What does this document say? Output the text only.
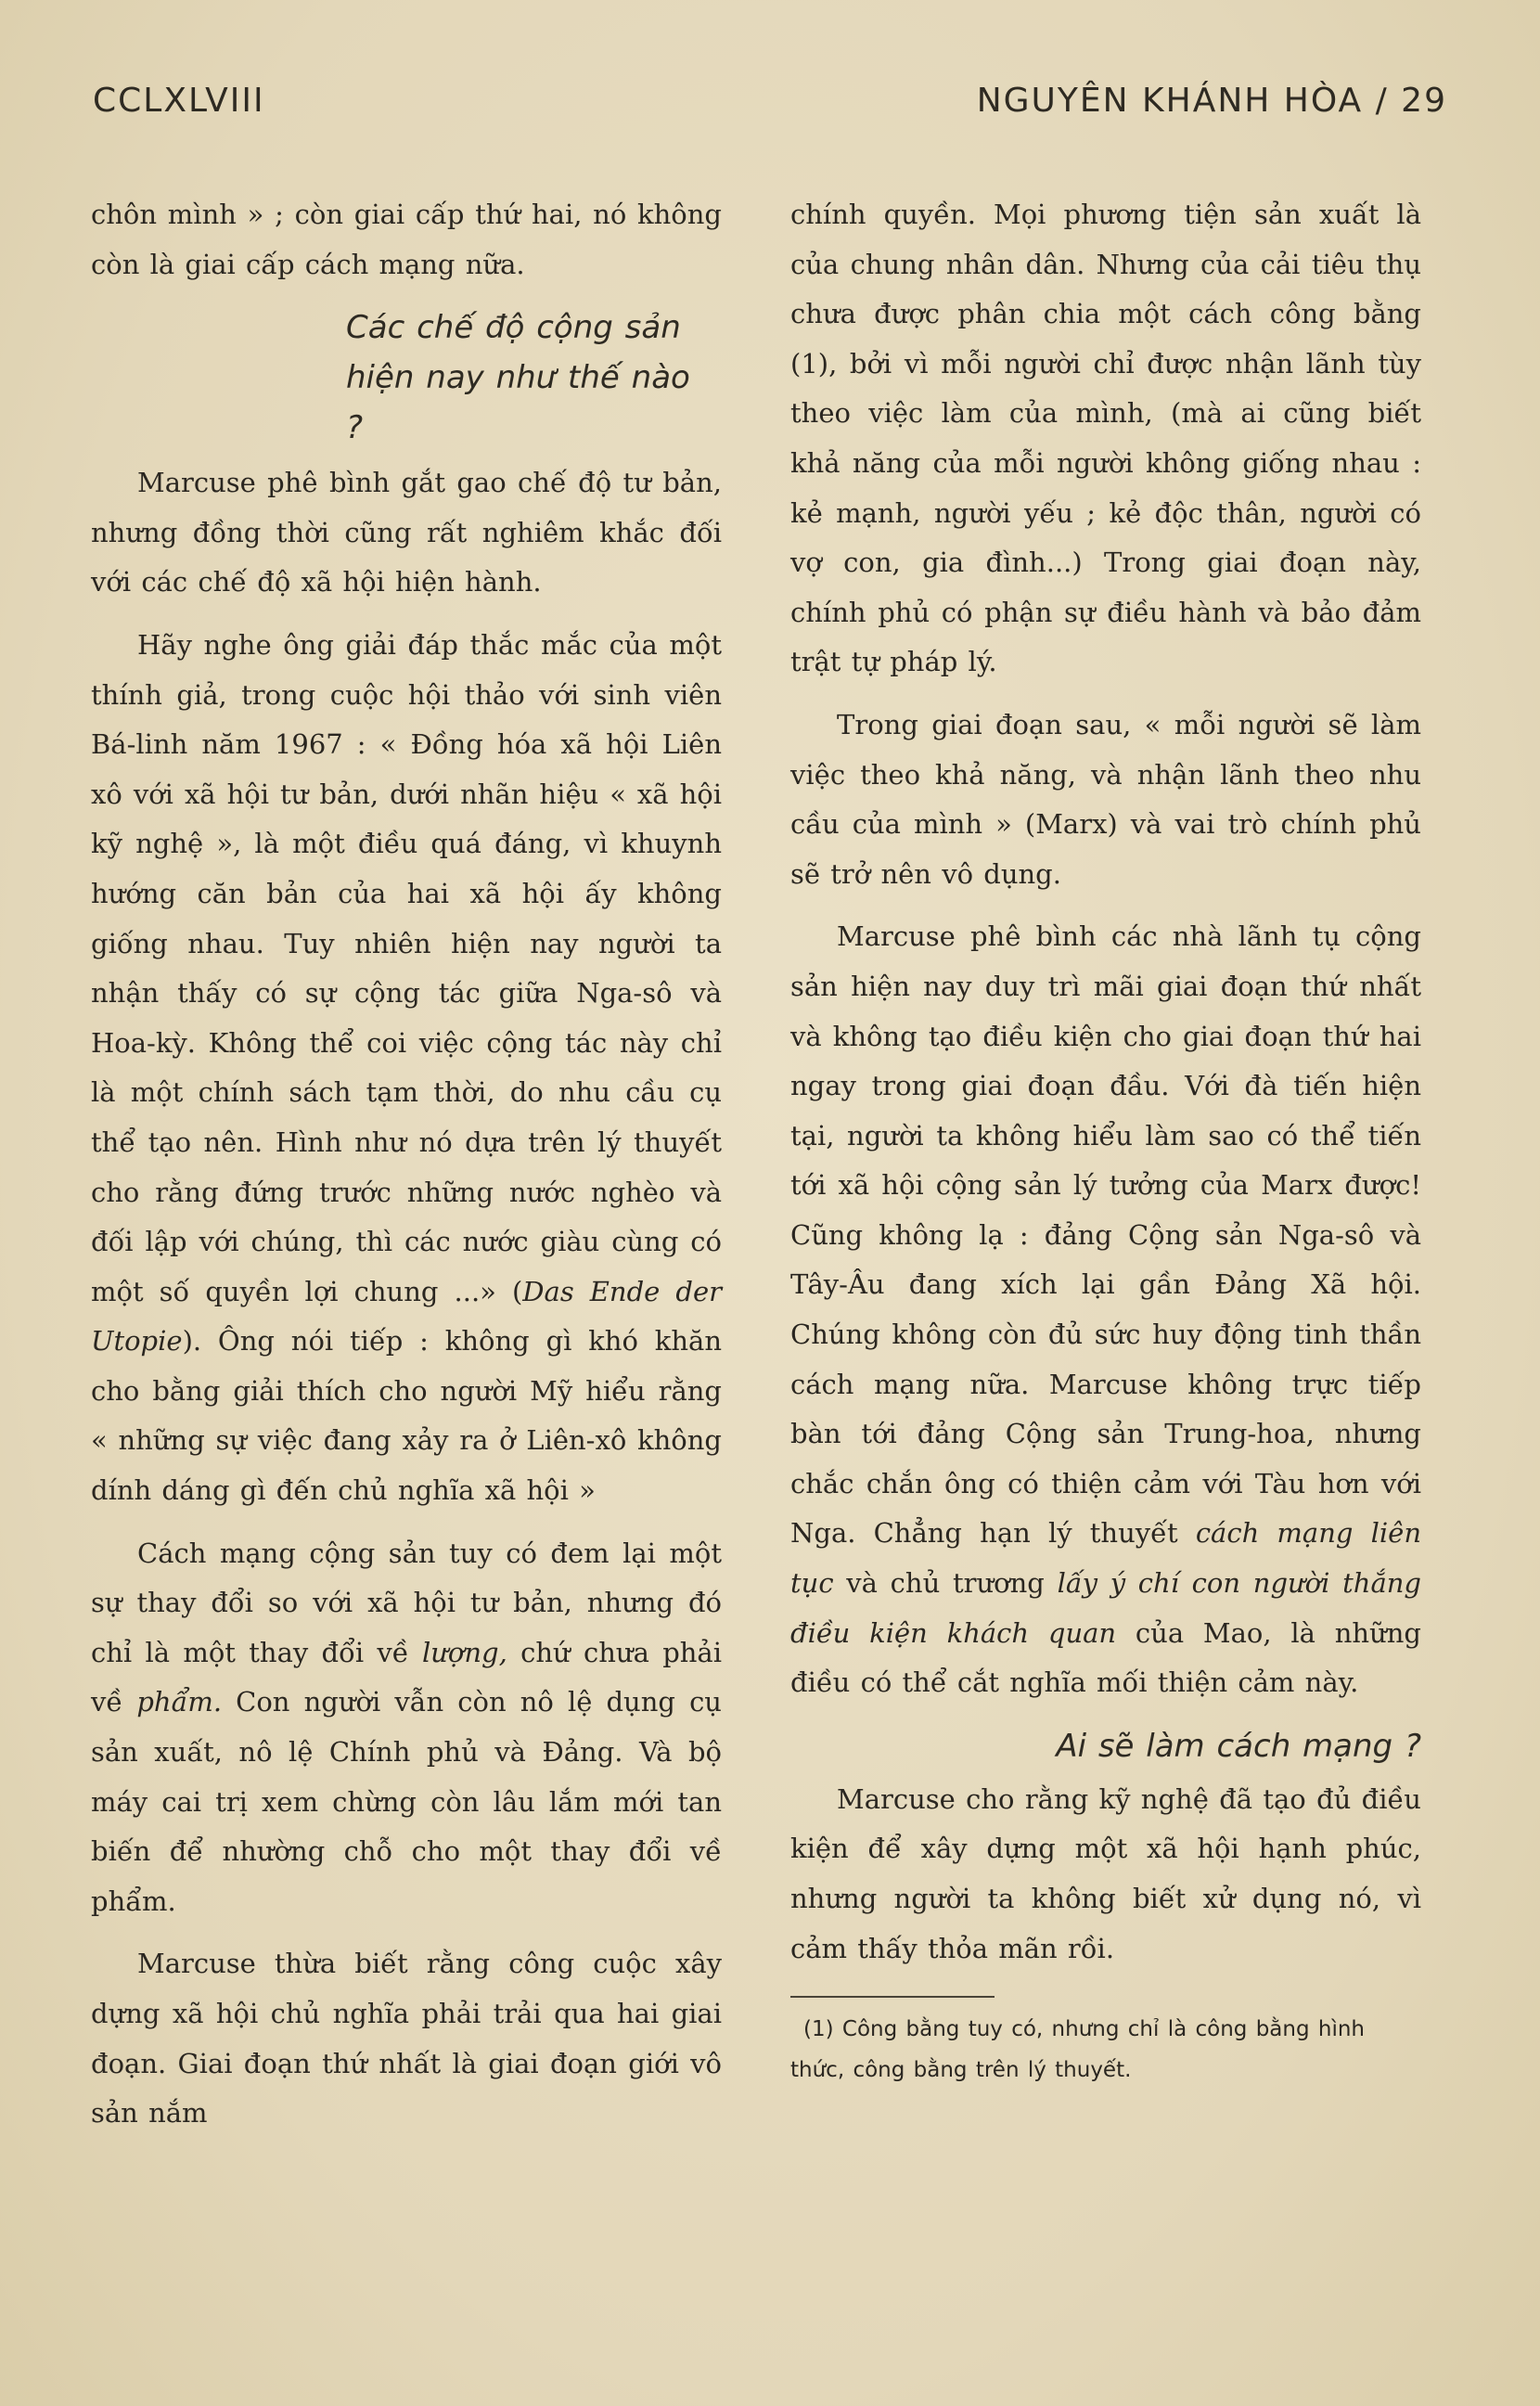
CCLXLVIII	NGUYÊN KHÁNH HÒA / 29

chôn mình » ; còn giai cấp thứ hai, nó không còn là giai cấp cách mạng nữa.

Các chế độ cộng sản hiện nay như thế nào ?

Marcuse phê bình gắt gao chế độ tư bản, nhưng đồng thời cũng rất nghiêm khắc đối với các chế độ xã hội hiện hành.

Hãy nghe ông giải đáp thắc mắc của một thính giả, trong cuộc hội thảo với sinh viên Bá-linh năm 1967 : « Đồng hóa xã hội Liên xô với xã hội tư bản, dưới nhãn hiệu « xã hội kỹ nghệ », là một điều quá đáng, vì khuynh hướng căn bản của hai xã hội ấy không giống nhau. Tuy nhiên hiện nay người ta nhận thấy có sự cộng tác giữa Nga-sô và Hoa-kỳ. Không thể coi việc cộng tác này chỉ là một chính sách tạm thời, do nhu cầu cụ thể tạo nên. Hình như nó dựa trên lý thuyết cho rằng đứng trước những nước nghèo và đối lập với chúng, thì các nước giàu cùng có một số quyền lợi chung ...» (Das Ende der Utopie). Ông nói tiếp : không gì khó khăn cho bằng giải thích cho người Mỹ hiểu rằng « những sự việc đang xảy ra ở Liên-xô không dính dáng gì đến chủ nghĩa xã hội »

Cách mạng cộng sản tuy có đem lại một sự thay đổi so với xã hội tư bản, nhưng đó chỉ là một thay đổi về lượng, chứ chưa phải về phẩm. Con người vẫn còn nô lệ dụng cụ sản xuất, nô lệ Chính phủ và Đảng. Và bộ máy cai trị xem chừng còn lâu lắm mới tan biến để nhường chỗ cho một thay đổi về phẩm.

Marcuse thừa biết rằng công cuộc xây dựng xã hội chủ nghĩa phải trải qua hai giai đoạn. Giai đoạn thứ nhất là giai đoạn giới vô sản nắm

chính quyền. Mọi phương tiện sản xuất là của chung nhân dân. Nhưng của cải tiêu thụ chưa được phân chia một cách công bằng (1), bởi vì mỗi người chỉ được nhận lãnh tùy theo việc làm của mình, (mà ai cũng biết khả năng của mỗi người không giống nhau : kẻ mạnh, người yếu ; kẻ độc thân, người có vợ con, gia đình...) Trong giai đoạn này, chính phủ có phận sự điều hành và bảo đảm trật tự pháp lý.

Trong giai đoạn sau, « mỗi người sẽ làm việc theo khả năng, và nhận lãnh theo nhu cầu của mình » (Marx) và vai trò chính phủ sẽ trở nên vô dụng.

Marcuse phê bình các nhà lãnh tụ cộng sản hiện nay duy trì mãi giai đoạn thứ nhất và không tạo điều kiện cho giai đoạn thứ hai ngay trong giai đoạn đầu. Với đà tiến hiện tại, người ta không hiểu làm sao có thể tiến tới xã hội cộng sản lý tưởng của Marx được! Cũng không lạ : đảng Cộng sản Nga-sô và Tây-Âu đang xích lại gần Đảng Xã hội. Chúng không còn đủ sức huy động tinh thần cách mạng nữa. Marcuse không trực tiếp bàn tới đảng Cộng sản Trung-hoa, nhưng chắc chắn ông có thiện cảm với Tàu hơn với Nga. Chẳng hạn lý thuyết cách mạng liên tục và chủ trương lấy ý chí con người thắng điều kiện khách quan của Mao, là những điều có thể cắt nghĩa mối thiện cảm này.

Ai sẽ làm cách mạng ?

Marcuse cho rằng kỹ nghệ đã tạo đủ điều kiện để xây dựng một xã hội hạnh phúc, nhưng người ta không biết xử dụng nó, vì cảm thấy thỏa mãn rồi.

(1) Công bằng tuy có, nhưng chỉ là công bằng hình thức, công bằng trên lý thuyết.
